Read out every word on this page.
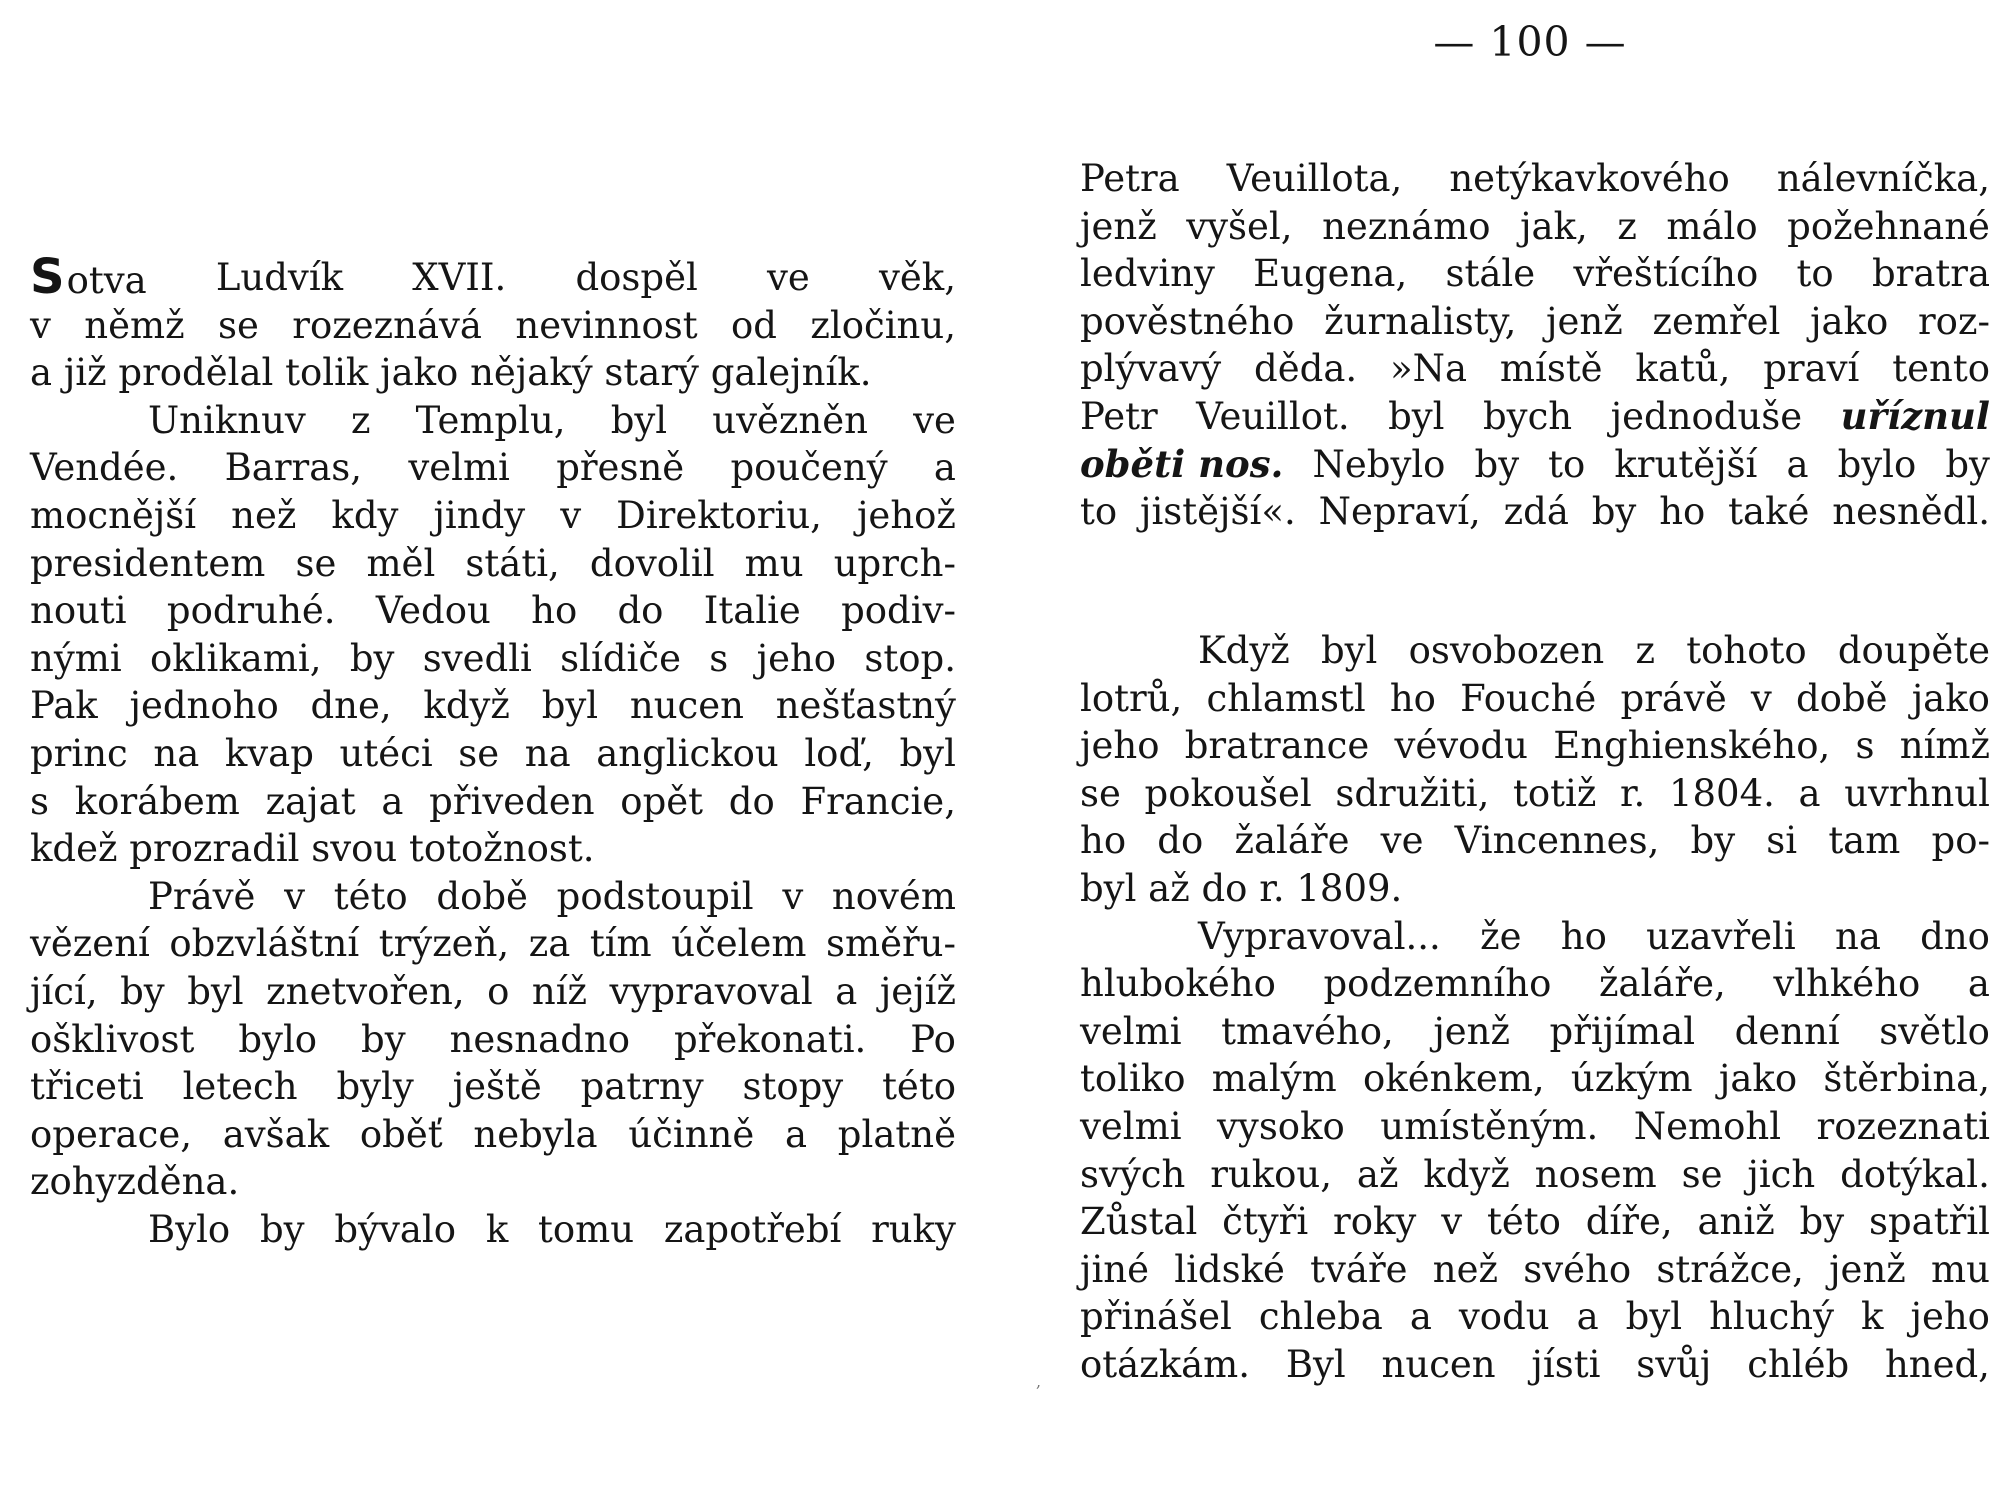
— 100 —
S otva Ludvík XVII. dospěl ve věk,
v němž se rozeznává nevinnost od zločinu,
a již prodělal tolik jako nějaký starý galejník.
Uniknuv z Templu, byl uvězněn ve
Vendée. Barras, velmi přesně poučený a
mocnější než kdy jindy v Direktoriu, jehož
presidentem se měl státi, dovolil mu uprch-
nouti podruhé. Vedou ho do Italie podiv-
nými oklikami, by svedli slídiče s jeho stop.
Pak jednoho dne, když byl nucen nešťastný
princ na kvap utéci se na anglickou loď, byl
s korábem zajat a přiveden opět do Francie,
kdež prozradil svou totožnost.
Právě v této době podstoupil v novém
vězení obzvláštní trýzeň, za tím účelem směřu-
jící, by byl znetvořen, o níž vypravoval a jejíž
ošklivost bylo by nesnadno překonati. Po
třiceti letech byly ještě patrny stopy této
operace, avšak oběť nebyla účinně a platně
zohyzděna.
Bylo by bývalo k tomu zapotřebí ruky
Petra Veuillota, netýkavkového nálevníčka,
jenž vyšel, neznámo jak, z málo požehnané
ledviny Eugena, stále vřeštícího to bratra
pověstného žurnalisty, jenž zemřel jako roz-
plývavý děda. »Na místě katů, praví tento
Petr Veuillot. byl bych jednoduše uříznul
oběti nos. Nebylo by to krutější a bylo by
to jistější«. Nepraví, zdá by ho také nesnědl.
Když byl osvobozen z tohoto doupěte
lotrů, chlamstl ho Fouché právě v době jako
jeho bratrance vévodu Enghienského, s nímž
se pokoušel sdružiti, totiž r. 1804. a uvrhnul
ho do žaláře ve Vincennes, by si tam po-
byl až do r. 1809.
Vypravoval... že ho uzavřeli na dno
hlubokého podzemního žaláře, vlhkého a
velmi tmavého, jenž přijímal denní světlo
toliko malým okénkem, úzkým jako štěrbina,
velmi vysoko umístěným. Nemohl rozeznati
svých rukou, až když nosem se jich dotýkal.
Zůstal čtyři roky v této díře, aniž by spatřil
jiné lidské tváře než svého strážce, jenž mu
přinášel chleba a vodu a byl hluchý k jeho
otázkám. Byl nucen jísti svůj chléb hned,
,
